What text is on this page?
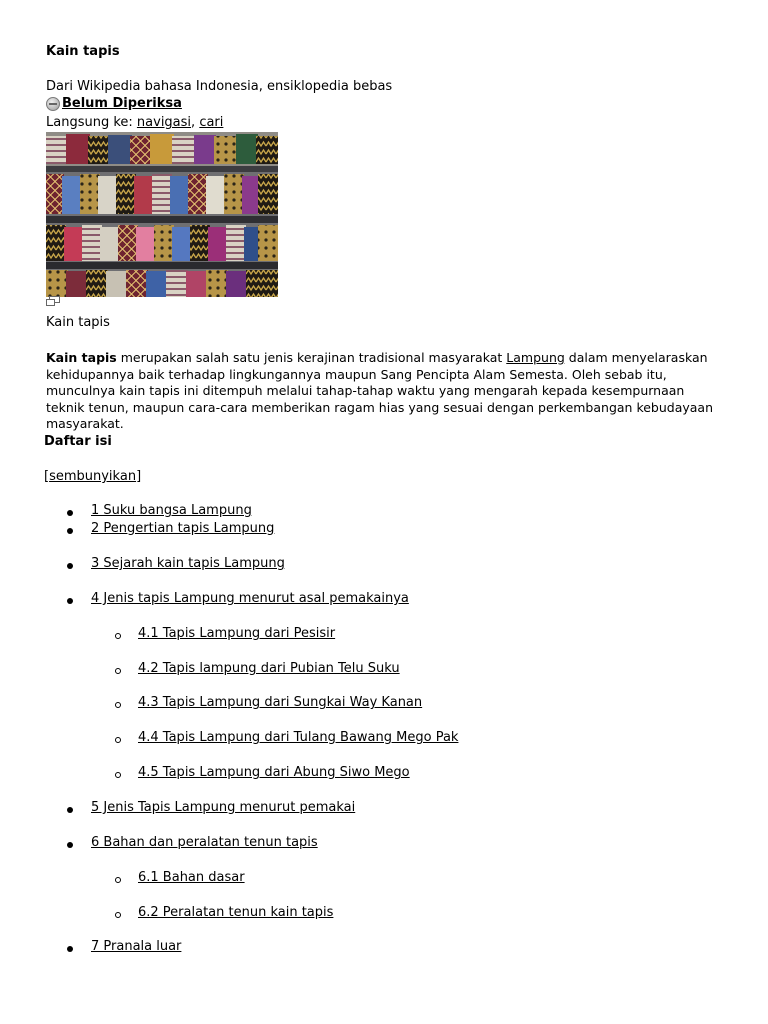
Kain tapis
Dari Wikipedia bahasa Indonesia, ensiklopedia bebas
Belum Diperiksa
Langsung ke: navigasi, cari
Kain tapis
Kain tapis merupakan salah satu jenis kerajinan tradisional masyarakat Lampung dalam menyelaraskan kehidupannya baik terhadap lingkungannya maupun Sang Pencipta Alam Semesta. Oleh sebab itu, munculnya kain tapis ini ditempuh melalui tahap-tahap waktu yang mengarah kepada kesempurnaan teknik tenun, maupun cara-cara memberikan ragam hias yang sesuai dengan perkembangan kebudayaan masyarakat.
Daftar isi
[sembunyikan]
1 Suku bangsa Lampung
2 Pengertian tapis Lampung
3 Sejarah kain tapis Lampung
4 Jenis tapis Lampung menurut asal pemakainya
4.1 Tapis Lampung dari Pesisir
4.2 Tapis lampung dari Pubian Telu Suku
4.3 Tapis Lampung dari Sungkai Way Kanan
4.4 Tapis Lampung dari Tulang Bawang Mego Pak
4.5 Tapis Lampung dari Abung Siwo Mego
5 Jenis Tapis Lampung menurut pemakai
6 Bahan dan peralatan tenun tapis
6.1 Bahan dasar
6.2 Peralatan tenun kain tapis
7 Pranala luar
